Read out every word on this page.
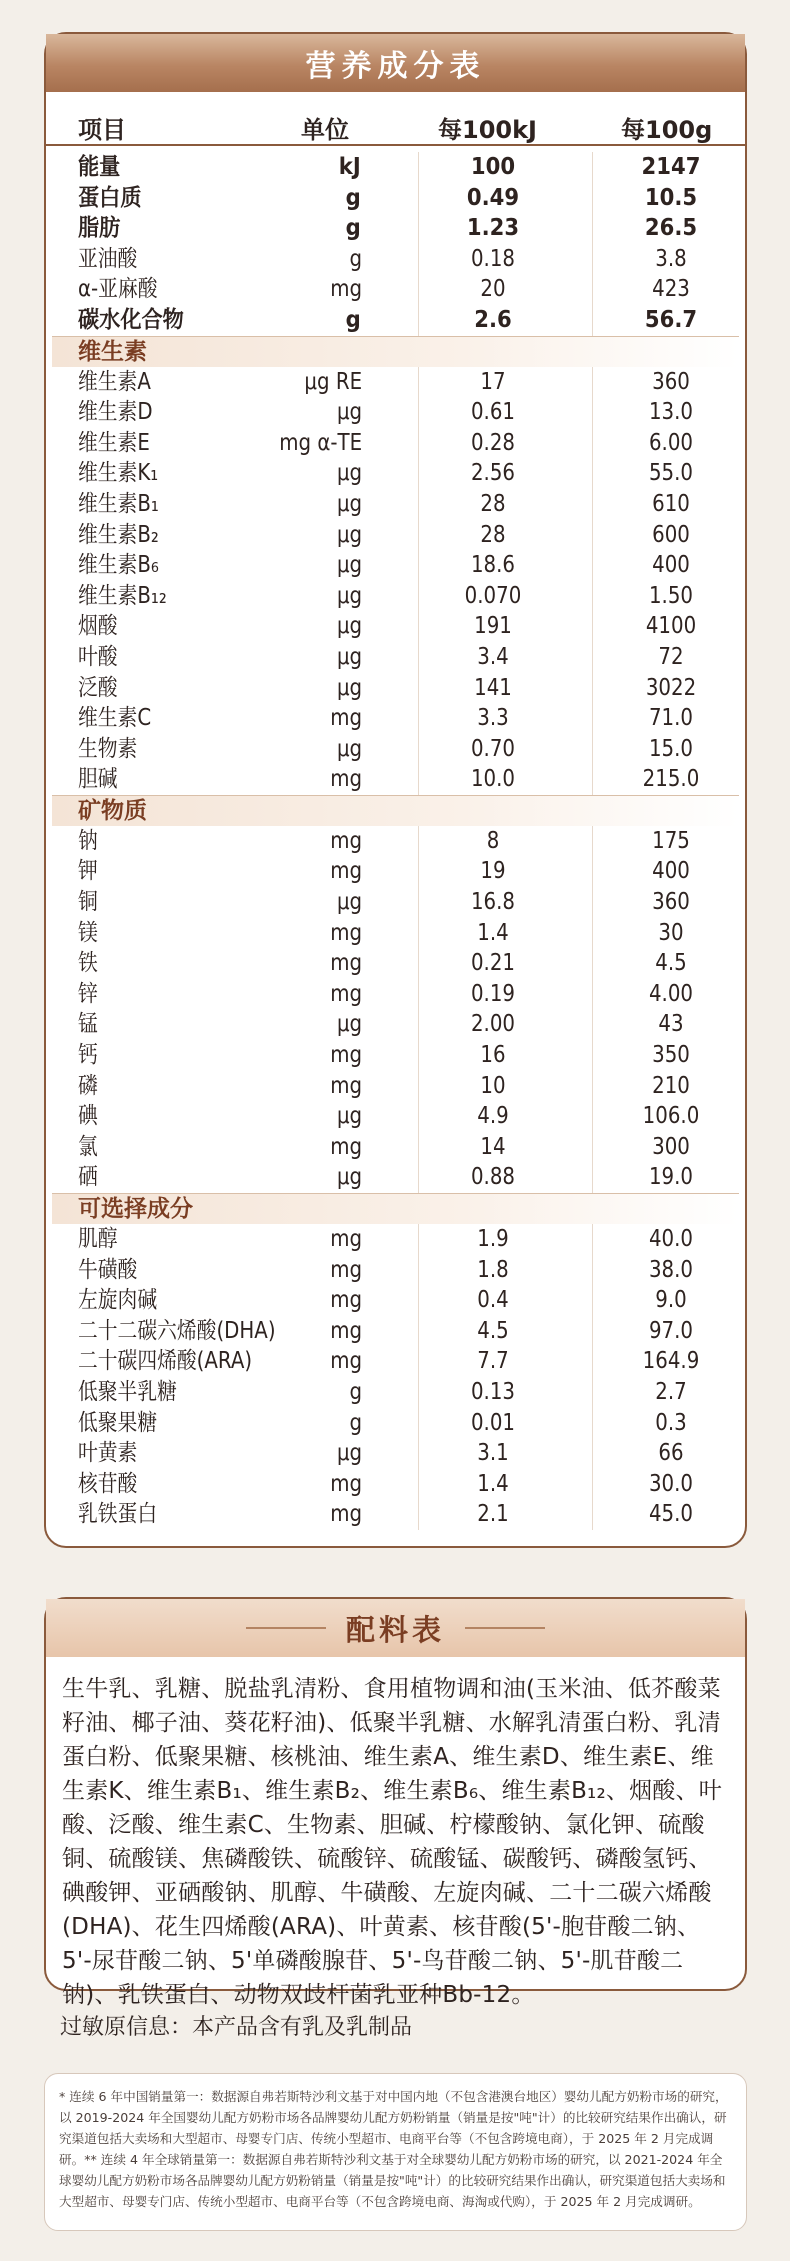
营养成分表
项目	单位	每100kJ	每100g
能量	kJ	100	2147
蛋白质	g	0.49	10.5
脂肪	g	1.23	26.5
亚油酸	g	0.18	3.8
α-亚麻酸	mg	20	423
碳水化合物	g	2.6	56.7
维生素
维生素A	μg RE	17	360
维生素D	μg	0.61	13.0
维生素E	mg α-TE	0.28	6.00
维生素K₁	μg	2.56	55.0
维生素B₁	μg	28	610
维生素B₂	μg	28	600
维生素B₆	μg	18.6	400
维生素B₁₂	μg	0.070	1.50
烟酸	μg	191	4100
叶酸	μg	3.4	72
泛酸	μg	141	3022
维生素C	mg	3.3	71.0
生物素	μg	0.70	15.0
胆碱	mg	10.0	215.0
矿物质
钠	mg	8	175
钾	mg	19	400
铜	μg	16.8	360
镁	mg	1.4	30
铁	mg	0.21	4.5
锌	mg	0.19	4.00
锰	μg	2.00	43
钙	mg	16	350
磷	mg	10	210
碘	μg	4.9	106.0
氯	mg	14	300
硒	μg	0.88	19.0
可选择成分
肌醇	mg	1.9	40.0
牛磺酸	mg	1.8	38.0
左旋肉碱	mg	0.4	9.0
二十二碳六烯酸(DHA)	mg	4.5	97.0
二十碳四烯酸(ARA)	mg	7.7	164.9
低聚半乳糖	g	0.13	2.7
低聚果糖	g	0.01	0.3
叶黄素	μg	3.1	66
核苷酸	mg	1.4	30.0
乳铁蛋白	mg	2.1	45.0
配料表
生牛乳、乳糖、脱盐乳清粉、食用植物调和油(玉米油、低芥酸菜籽油、椰子油、葵花籽油)、低聚半乳糖、水解乳清蛋白粉、乳清蛋白粉、低聚果糖、核桃油、维生素A、维生素D、维生素E、维生素K、维生素B₁、维生素B₂、维生素B₆、维生素B₁₂、烟酸、叶酸、泛酸、维生素C、生物素、胆碱、柠檬酸钠、氯化钾、硫酸铜、硫酸镁、焦磷酸铁、硫酸锌、硫酸锰、碳酸钙、磷酸氢钙、碘酸钾、亚硒酸钠、肌醇、牛磺酸、左旋肉碱、二十二碳六烯酸(DHA)、花生四烯酸(ARA)、叶黄素、核苷酸(5'-胞苷酸二钠、5'-尿苷酸二钠、5'单磷酸腺苷、5'-鸟苷酸二钠、5'-肌苷酸二钠)、乳铁蛋白、动物双歧杆菌乳亚种Bb-12。
过敏原信息：本产品含有乳及乳制品
* 连续 6 年中国销量第一：数据源自弗若斯特沙利文基于对中国内地（不包含港澳台地区）婴幼儿配方奶粉市场的研究，以 2019-2024 年全国婴幼儿配方奶粉市场各品牌婴幼儿配方奶粉销量（销量是按"吨"计）的比较研究结果作出确认，研究渠道包括大卖场和大型超市、母婴专门店、传统小型超市、电商平台等（不包含跨境电商），于 2025 年 2 月完成调研。** 连续 4 年全球销量第一：数据源自弗若斯特沙利文基于对全球婴幼儿配方奶粉市场的研究，以 2021-2024 年全球婴幼儿配方奶粉市场各品牌婴幼儿配方奶粉销量（销量是按"吨"计）的比较研究结果作出确认，研究渠道包括大卖场和大型超市、母婴专门店、传统小型超市、电商平台等（不包含跨境电商、海淘或代购），于 2025 年 2 月完成调研。
